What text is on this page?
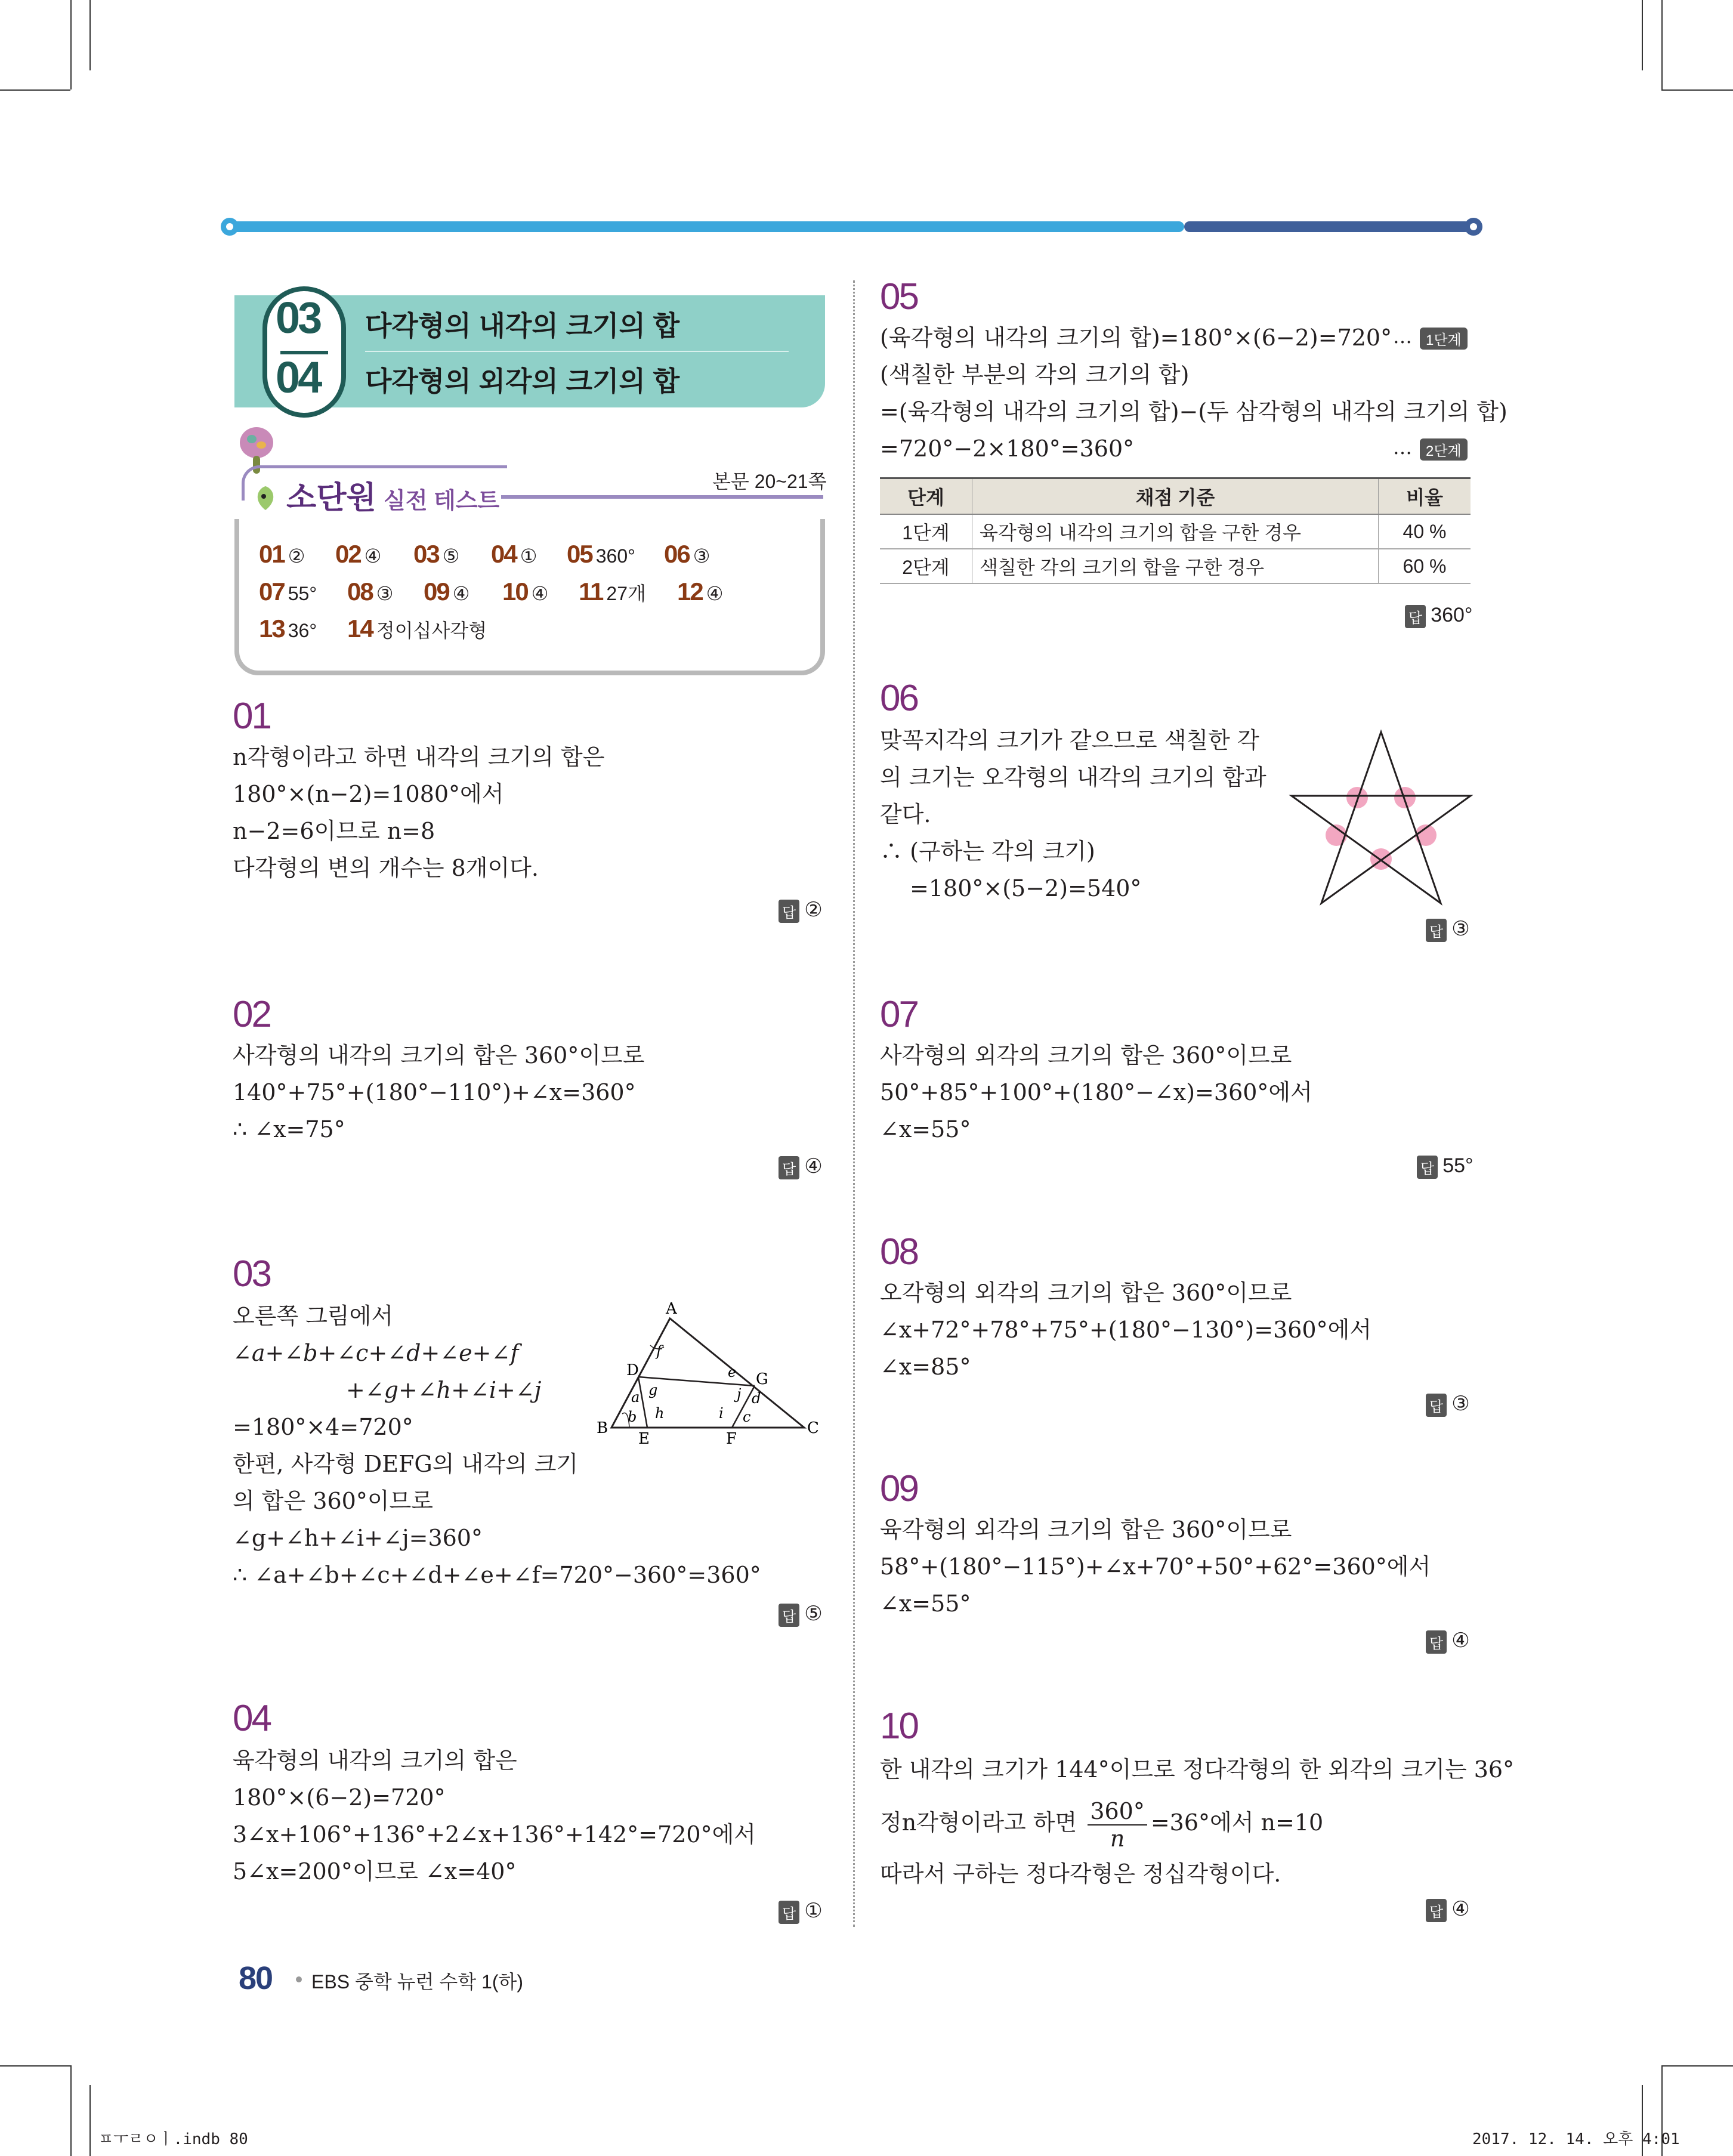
03
04
다각형의 내각의 크기의 합
다각형의 외각의 크기의 합
소단원 실전 테스트
본문 20~21쪽
01 ② 02 ④ 03 ⑤ 04 ① 05 360° 06 ③
07 55° 08 ③ 09 ④ 10 ④ 11 27개 12 ④
13 36° 14 정이십사각형
01
n각형이라고 하면 내각의 크기의 합은
180°×(n−2)=1080°에서
n−2=6이므로 n=8
다각형의 변의 개수는 8개이다.
답 ②
02
사각형의 내각의 크기의 합은 360°이므로
140°+75°+(180°−110°)+∠x=360°
∴ ∠x=75°
답 ④
03
오른쪽 그림에서
∠a+∠b+∠c+∠d+∠e+∠f
+∠g+∠h+∠i+∠j
=180°×4=720°
한편, 사각형 DEFG의 내각의 크기
의 합은 360°이므로
∠g+∠h+∠i+∠j=360°
∴ ∠a+∠b+∠c+∠d+∠e+∠f=720°−360°=360°
답 ⑤
A
B	C
D
E	F
G
a
b	c
d
e
f
g
h	i
j
04
육각형의 내각의 크기의 합은
180°×(6−2)=720°
3∠x+106°+136°+2∠x+136°+142°=720°에서
5∠x=200°이므로 ∠x=40°
답 ①
05
(육각형의 내각의 크기의 합)=180°×(6−2)=720° … 1단계
(색칠한 부분의 각의 크기의 합)
=(육각형의 내각의 크기의 합)−(두 삼각형의 내각의 크기의 합)
=720°−2×180°=360°	… 2단계
단계	채점 기준	비율
1단계	육각형의 내각의 크기의 합을 구한 경우	40 %
2단계	색칠한 각의 크기의 합을 구한 경우	60 %
답 360°
06
맞꼭지각의 크기가 같으므로 색칠한 각
의 크기는 오각형의 내각의 크기의 합과
같다.
∴ (구하는 각의 크기)
=180°×(5−2)=540°
답 ③
07
사각형의 외각의 크기의 합은 360°이므로
50°+85°+100°+(180°−∠x)=360°에서
∠x=55°
답 55°
08
오각형의 외각의 크기의 합은 360°이므로
∠x+72°+78°+75°+(180°−130°)=360°에서
∠x=85°
답 ③
09
육각형의 외각의 크기의 합은 360°이므로
58°+(180°−115°)+∠x+70°+50°+62°=360°에서
∠x=55°
답 ④
10
한 내각의 크기가 144°이므로 정다각형의 한 외각의 크기는 36°
정n각형이라고 하면 $\frac{360^\circ}{n} =36^\circ$에서 n=10
따라서 구하는 정다각형은 정십각형이다.
답 ④
80 EBS 중학 뉴런 수학 1(하)
ㅍㅜㄹㅇㅣ.indb 80	2017. 12. 14. 오후 4:01
